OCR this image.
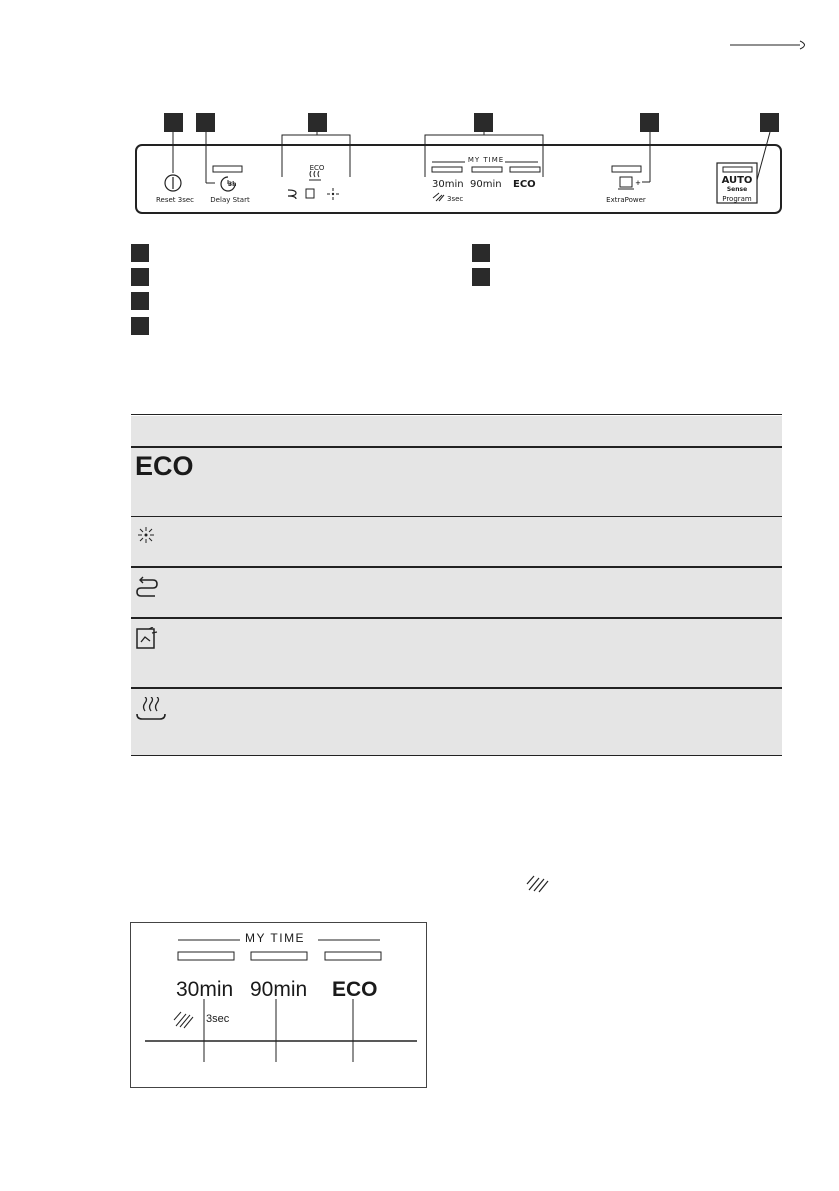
+
Reset 3sec
3h
Delay Start
ECO
MY TIME
30min 90min ECO
3sec	ExtraPower
AUTO
Sense
Program
ECO
MY TIME
30min 90min ECO
3sec
